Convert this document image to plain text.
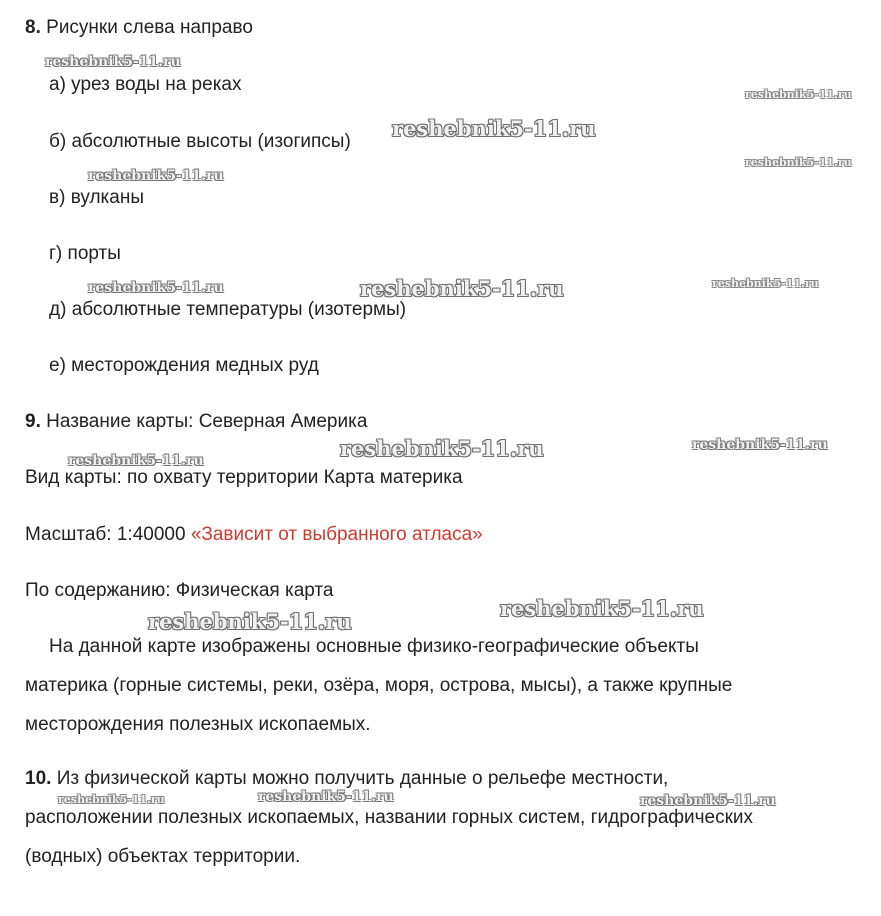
8. Рисунки слева направо
а) урез воды на реках
б) абсолютные высоты (изогипсы)
в) вулканы
г) порты
д) абсолютные температуры (изотермы)
е) месторождения медных руд
9. Название карты: Северная Америка
Вид карты: по охвату территории Карта материка
Масштаб: 1:40000 «Зависит от выбранного атласа»
По содержанию: Физическая карта
На данной карте изображены основные физико-географические объекты
материка (горные системы, реки, озёра, моря, острова, мысы), а также крупные
месторождения полезных ископаемых.
10. Из физической карты можно получить данные о рельефе местности,
расположении полезных ископаемых, названии горных систем, гидрографических
(водных) объектах территории.
reshebnik5-11.ru
reshebnik5-11.ru
reshebnik5-11.ru
reshebnik5-11.ru
reshebnik5-11.ru
reshebnik5-11.ru	reshebnik5-11.ru	reshebnik5-11.ru
reshebnik5-11.ru	reshebnik5-11.ru
reshebnik5-11.ru
reshebnik5-11.ru
reshebnik5-11.ru
reshebnik5-11.ru	reshebnik5-11.ru	reshebnik5-11.ru
